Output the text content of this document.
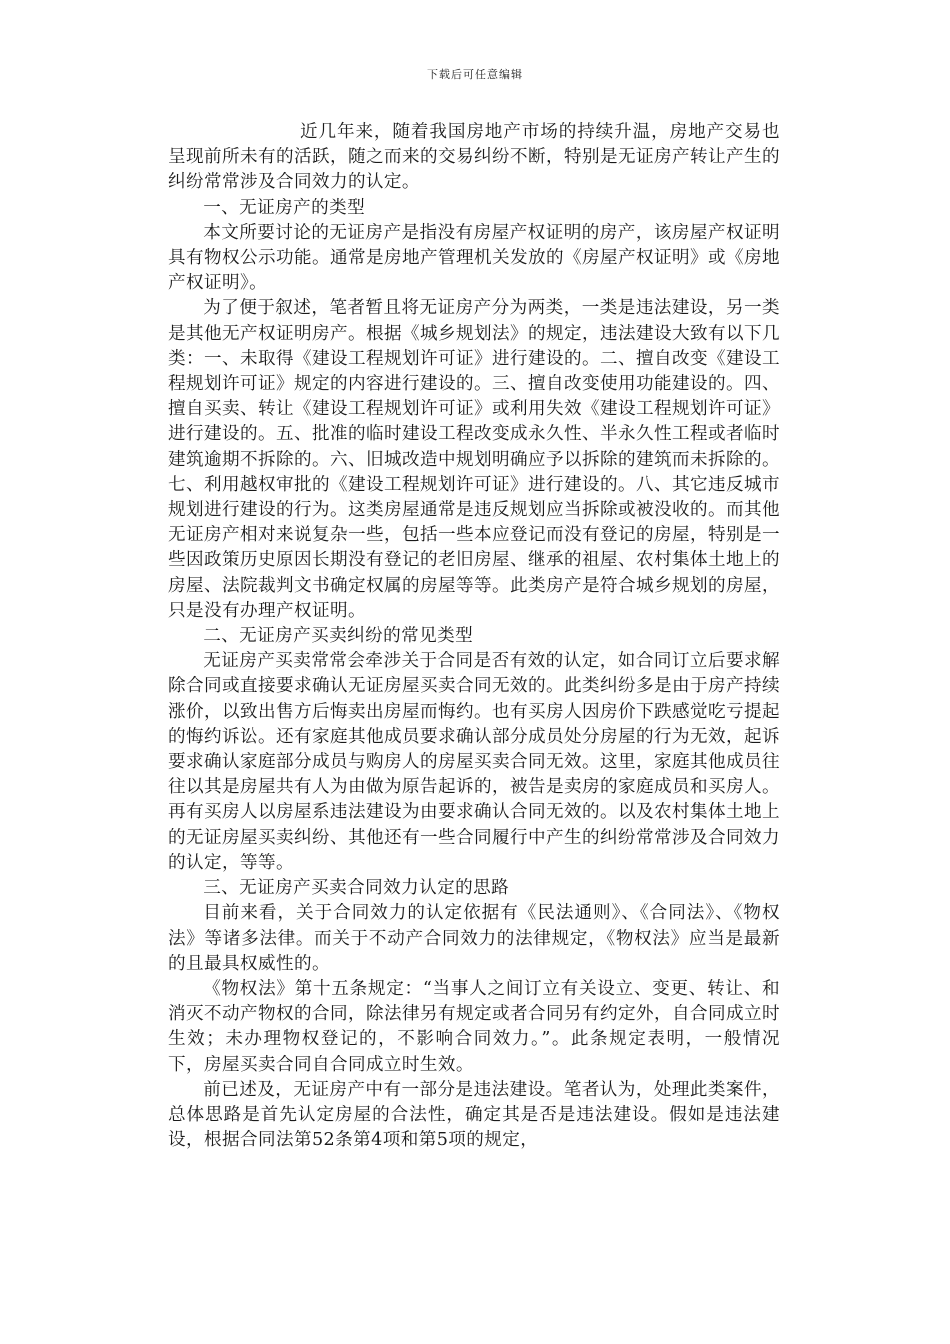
下载后可任意编辑

近几年来，随着我国房地产市场的持续升温，房地产交易也呈现前所未有的活跃，随之而来的交易纠纷不断，特别是无证房产转让产生的纠纷常常涉及合同效力的认定。

一、无证房产的类型

本文所要讨论的无证房产是指没有房屋产权证明的房产，该房屋产权证明具有物权公示功能。通常是房地产管理机关发放的《房屋产权证明》或《房地产权证明》。

为了便于叙述，笔者暂且将无证房产分为两类，一类是违法建设，另一类是其他无产权证明房产。根据《城乡规划法》的规定，违法建设大致有以下几类：一、未取得《建设工程规划许可证》进行建设的。二、擅自改变《建设工程规划许可证》规定的内容进行建设的。三、擅自改变使用功能建设的。四、擅自买卖、转让《建设工程规划许可证》或利用失效《建设工程规划许可证》进行建设的。五、批准的临时建设工程改变成永久性、半永久性工程或者临时建筑逾期不拆除的。六、旧城改造中规划明确应予以拆除的建筑而未拆除的。七、利用越权审批的《建设工程规划许可证》进行建设的。八、其它违反城市规划进行建设的行为。这类房屋通常是违反规划应当拆除或被没收的。而其他无证房产相对来说复杂一些，包括一些本应登记而没有登记的房屋，特别是一些因政策历史原因长期没有登记的老旧房屋、继承的祖屋、农村集体土地上的房屋、法院裁判文书确定权属的房屋等等。此类房产是符合城乡规划的房屋，只是没有办理产权证明。

二、无证房产买卖纠纷的常见类型

无证房产买卖常常会牵涉关于合同是否有效的认定，如合同订立后要求解除合同或直接要求确认无证房屋买卖合同无效的。此类纠纷多是由于房产持续涨价，以致出售方后悔卖出房屋而悔约。也有买房人因房价下跌感觉吃亏提起的悔约诉讼。还有家庭其他成员要求确认部分成员处分房屋的行为无效，起诉要求确认家庭部分成员与购房人的房屋买卖合同无效。这里，家庭其他成员往往以其是房屋共有人为由做为原告起诉的，被告是卖房的家庭成员和买房人。再有买房人以房屋系违法建设为由要求确认合同无效的。以及农村集体土地上的无证房屋买卖纠纷、其他还有一些合同履行中产生的纠纷常常涉及合同效力的认定，等等。

三、无证房产买卖合同效力认定的思路

目前来看，关于合同效力的认定依据有《民法通则》、《合同法》、《物权法》等诸多法律。而关于不动产合同效力的法律规定，《物权法》应当是最新的且最具权威性的。

《物权法》第十五条规定：“当事人之间订立有关设立、变更、转让、和消灭不动产物权的合同，除法律另有规定或者合同另有约定外，自合同成立时生效；未办理物权登记的，不影响合同效力。”。此条规定表明，一般情况下，房屋买卖合同自合同成立时生效。

前已述及，无证房产中有一部分是违法建设。笔者认为，处理此类案件，总体思路是首先认定房屋的合法性，确定其是否是违法建设。假如是违法建设，根据合同法第52条第4项和第5项的规定，
